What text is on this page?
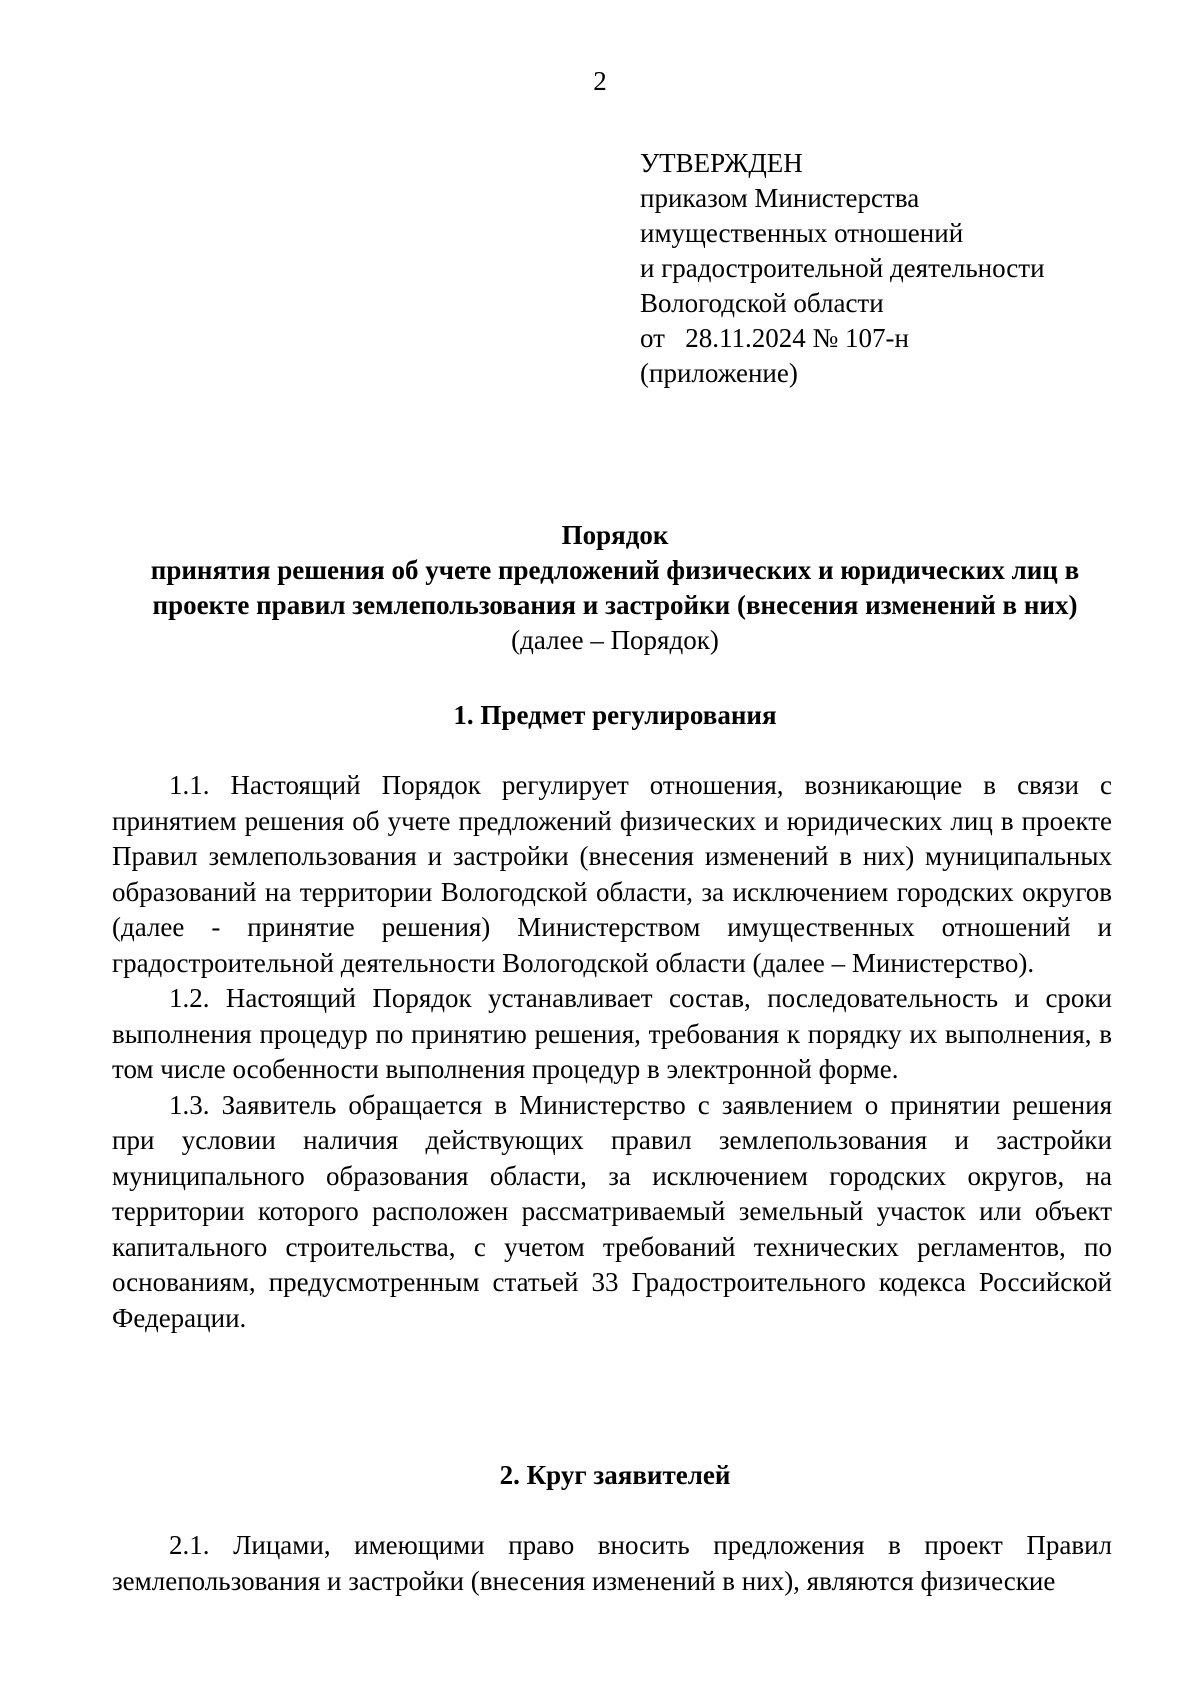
2
УТВЕРЖДЕН
приказом Министерства
имущественных отношений
и градостроительной деятельности
Вологодской области
от   28.11.2024 № 107-н
(приложение)
Порядок
принятия решения об учете предложений физических и юридических лиц в проекте правил землепользования и застройки (внесения изменений в них)
(далее – Порядок)
1. Предмет регулирования

1.1. Настоящий Порядок регулирует отношения, возникающие в связи с принятием решения об учете предложений физических и юридических лиц в проекте Правил землепользования и застройки (внесения изменений в них) муниципальных образований на территории Вологодской области, за исключением городских округов (далее - принятие решения) Министерством имущественных отношений и градостроительной деятельности Вологодской области (далее – Министерство).

1.2. Настоящий Порядок устанавливает состав, последовательность и сроки выполнения процедур по принятию решения, требования к порядку их выполнения, в том числе особенности выполнения процедур в электронной форме.

1.3. Заявитель обращается в Министерство с заявлением о принятии решения при условии наличия действующих правил землепользования и застройки муниципального образования области, за исключением городских округов, на территории которого расположен рассматриваемый земельный участок или объект капитального строительства, с учетом требований технических регламентов, по основаниям, предусмотренным статьей 33 Градостроительного кодекса Российской Федерации.

2. Круг заявителей

2.1. Лицами, имеющими право вносить предложения в проект Правил землепользования и застройки (внесения изменений в них), являются физические
